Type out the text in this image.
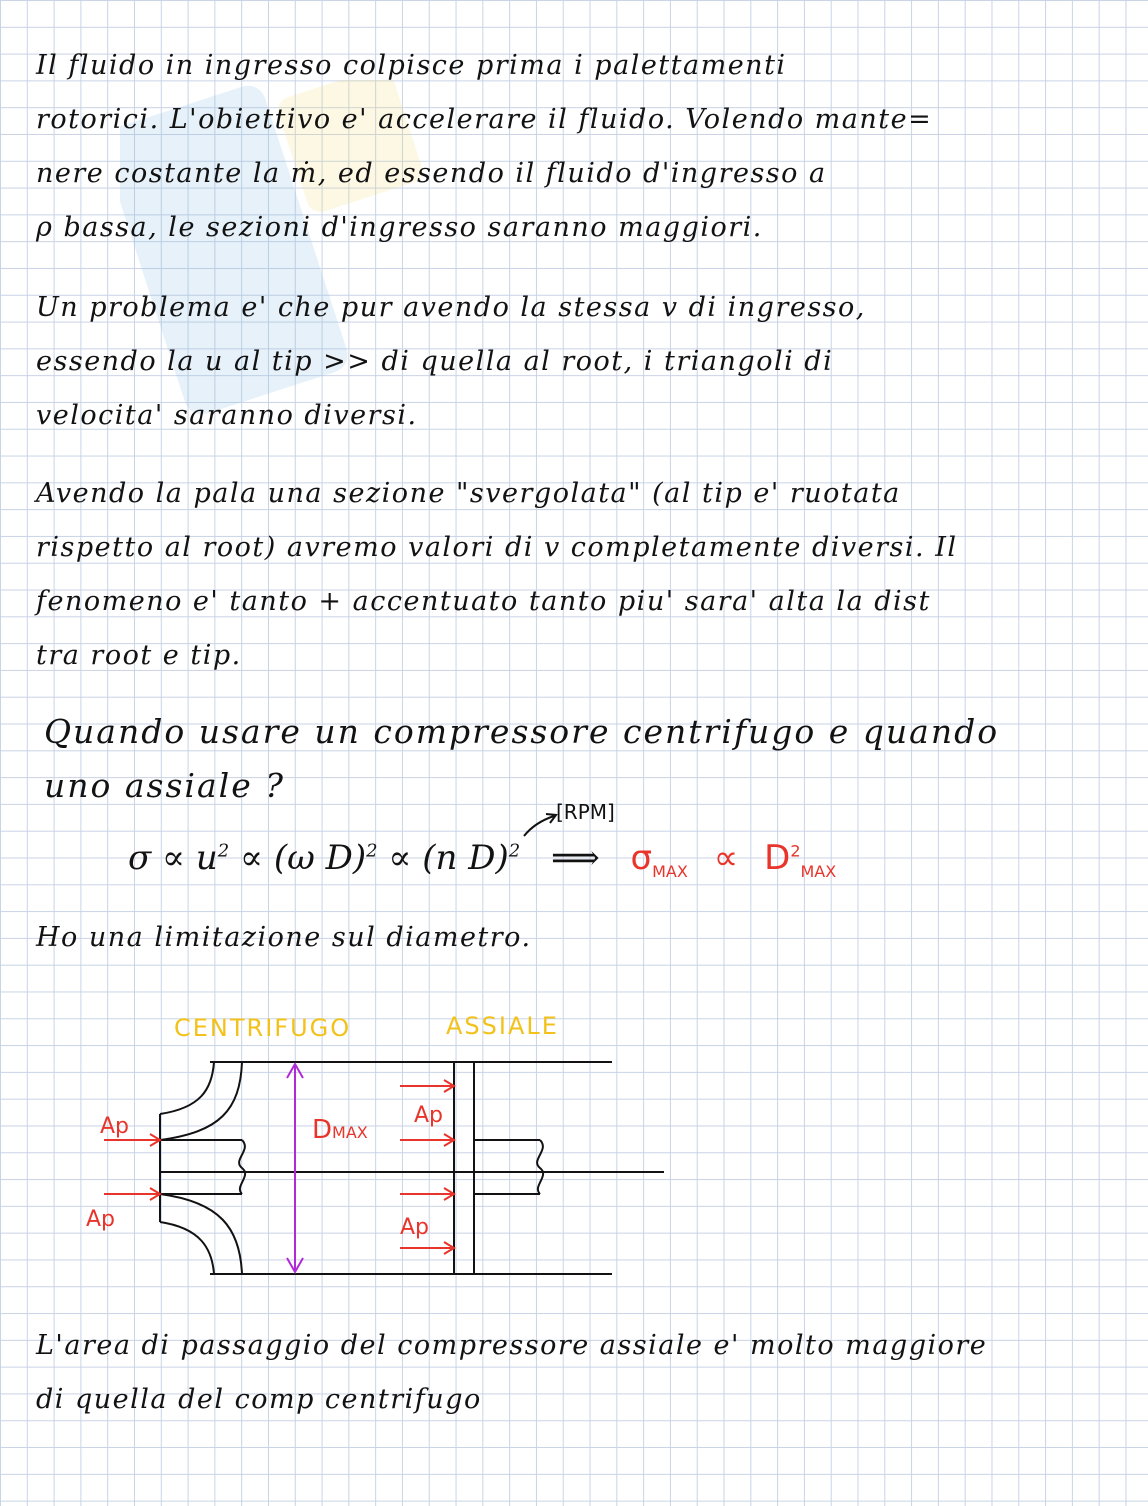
Il fluido in ingresso colpisce prima i palettamenti

rotorici. L'obiettivo e' accelerare il fluido. Volendo mante=

nere costante la ṁ, ed essendo il fluido d'ingresso a

ρ bassa, le sezioni d'ingresso saranno maggiori.

Un problema e' che pur avendo la stessa v di ingresso,

essendo la u al tip >> di quella al root, i triangoli di

velocita' saranno diversi.

Avendo la pala una sezione "svergolata" (al tip e' ruotata

rispetto al root) avremo valori di v completamente diversi. Il

fenomeno e' tanto + accentuato tanto piu' sara' alta la dist

tra root e tip.

Quando usare un compressore centrifugo e quando

uno assiale ?

[RPM]
$\sigma \propto u^2 \propto (\omega$ D)$^2$ ∝ (n D)$^2$ ⟹ $\sigma_{MAX} \propto D^2_{MAX}$

Ho una limitazione sul diametro.

CENTRIFUGO	ASSIALE
Ap
Ap
Ap
Ap
DMAX

L'area di passaggio del compressore assiale e' molto maggiore

di quella del comp centrifugo
